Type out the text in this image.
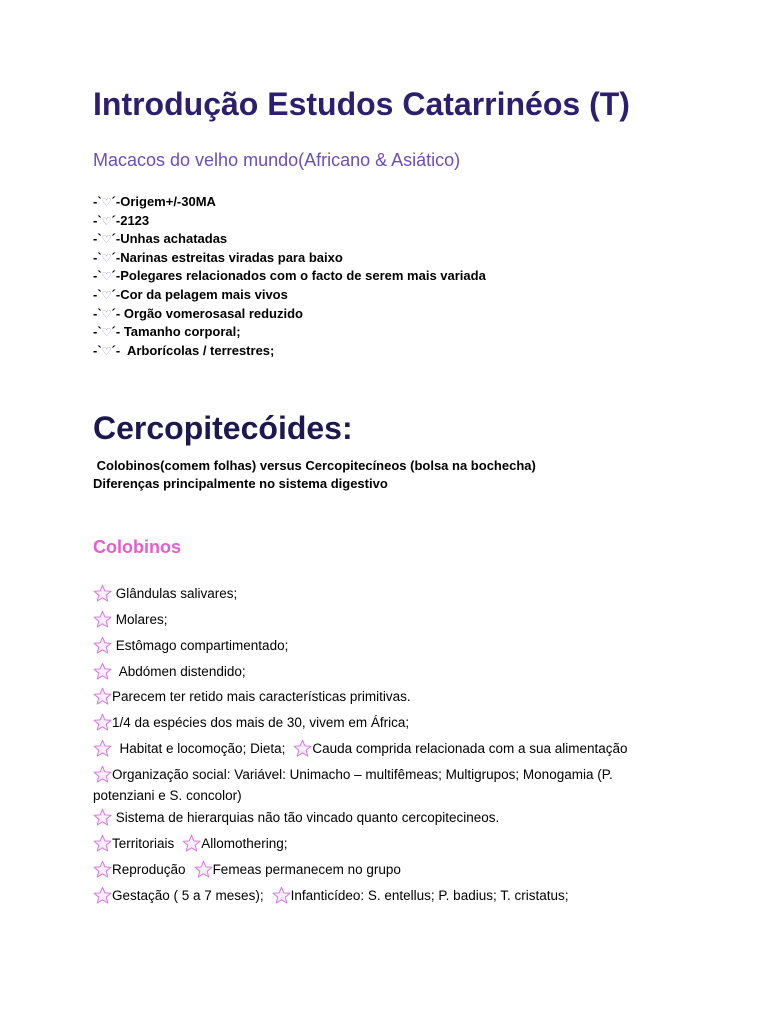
Introdução Estudos Catarrinéos (T)
Macacos do velho mundo(Africano & Asiático)
-`♡´-Origem+/-30MA
-`♡´-2123
-`♡´-Unhas achatadas
-`♡´-Narinas estreitas viradas para baixo
-`♡´-Polegares relacionados com o facto de serem mais variada
-`♡´-Cor da pelagem mais vivos
-`♡´- Orgão vomerosasal reduzido
-`♡´- Tamanho corporal;
-`♡´-  Arborícolas / terrestres;
Cercopitecóides:

Colobinos(comem folhas) versus Cercopitecíneos (bolsa na bochecha)

Diferenças principalmente no sistema digestivo

Colobinos
Glândulas salivares;
Molares;
Estômago compartimentado;
Abdómen distendido;
Parecem ter retido mais características primitivas.
1/4 da espécies dos mais de 30, vivem em África;
Habitat e locomoção; Dieta; Cauda comprida relacionada com a sua alimentação
Organização social: Variável: Unimacho – multifêmeas; Multigrupos; Monogamia (P. potenziani e S. concolor)
Sistema de hierarquias não tão vincado quanto cercopitecineos.
Territoriais Allomothering;
Reprodução Femeas permanecem no grupo
Gestação ( 5 a 7 meses); Infanticídeo: S. entellus; P. badius; T. cristatus;
